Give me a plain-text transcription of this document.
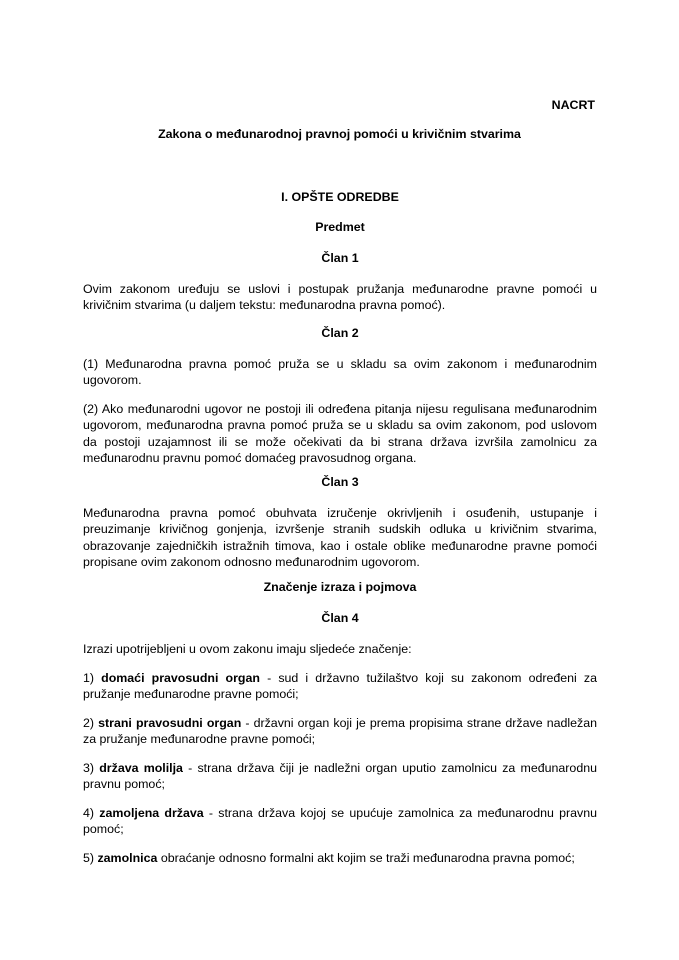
NACRT
Zakona o međunarodnoj pravnoj pomoći u krivičnim stvarima
I. OPŠTE ODREDBE
Predmet
Član 1
Ovim zakonom uređuju se uslovi i postupak pružanja međunarodne pravne pomoći u
krivičnim stvarima (u daljem tekstu: međunarodna pravna pomoć).
Član 2
(1) Međunarodna pravna pomoć pruža se u skladu sa ovim zakonom i međunarodnim
ugovorom.
(2) Ako međunarodni ugovor ne postoji ili određena pitanja nijesu regulisana međunarodnim
ugovorom, međunarodna pravna pomoć pruža se u skladu sa ovim zakonom, pod uslovom
da postoji uzajamnost ili se može očekivati da bi strana država izvršila zamolnicu za
međunarodnu pravnu pomoć domaćeg pravosudnog organa.
Član 3
Međunarodna pravna pomoć obuhvata izručenje okrivljenih i osuđenih, ustupanje i
preuzimanje krivičnog gonjenja, izvršenje stranih sudskih odluka u krivičnim stvarima,
obrazovanje zajedničkih istražnih timova, kao i ostale oblike međunarodne pravne pomoći
propisane ovim zakonom odnosno međunarodnim ugovorom.
Značenje izraza i pojmova
Član 4
Izrazi upotrijebljeni u ovom zakonu imaju sljedeće značenje:
1) domaći pravosudni organ - sud i državno tužilaštvo koji su zakonom određeni za
pružanje međunarodne pravne pomoći;
2) strani pravosudni organ - državni organ koji je prema propisima strane države nadležan
za pružanje međunarodne pravne pomoći;
3) država molilja - strana država čiji je nadležni organ uputio zamolnicu za međunarodnu
pravnu pomoć;
4) zamoljena država - strana država kojoj se upućuje zamolnica za međunarodnu pravnu
pomoć;
5) zamolnica obraćanje odnosno formalni akt kojim se traži međunarodna pravna pomoć;
